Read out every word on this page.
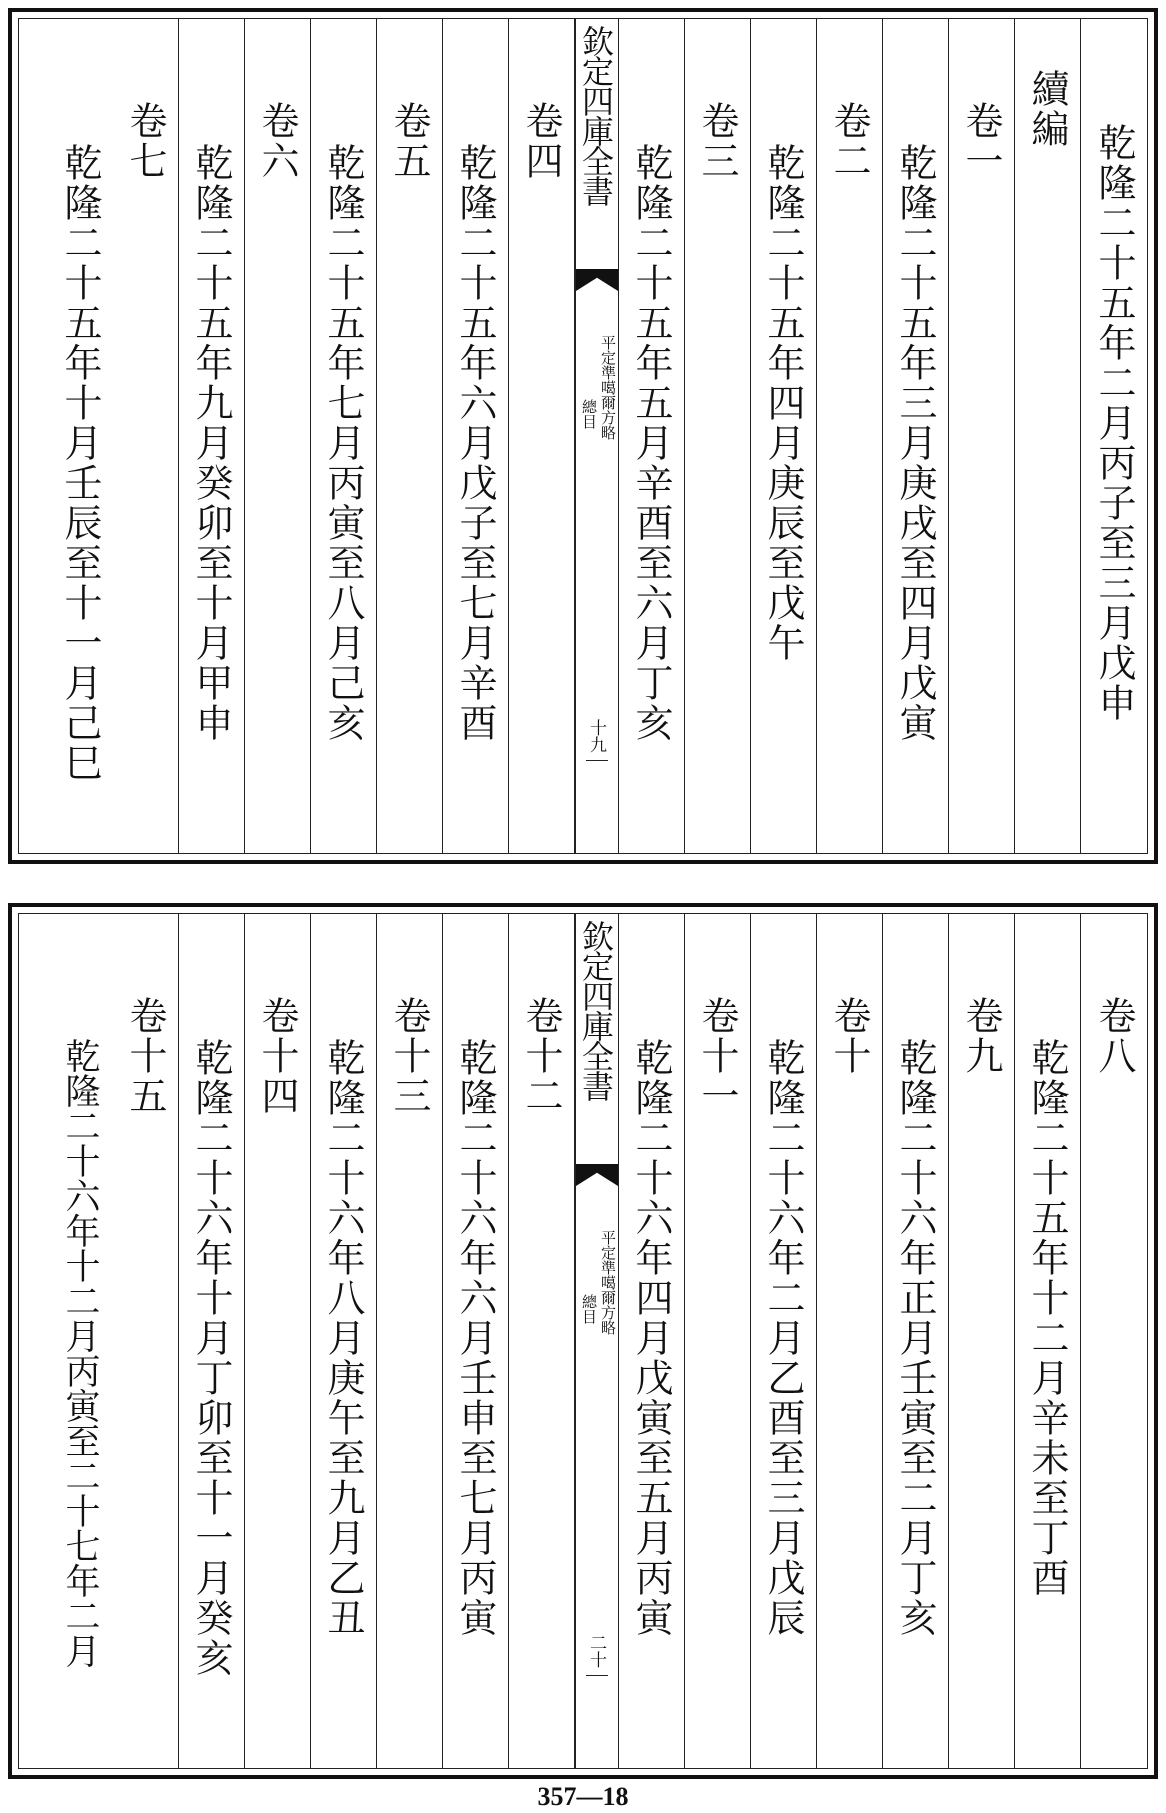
乾隆二十五年二月丙子至三月戊申
續編
卷一
乾隆二十五年三月庚戌至四月戊寅
卷二
乾隆二十五年四月庚辰至戊午
卷三
乾隆二十五年五月辛酉至六月丁亥
欽定四庫全書
平定準噶爾方略
總目
十九
卷四
乾隆二十五年六月戊子至七月辛酉
卷五
乾隆二十五年七月丙寅至八月己亥
卷六
乾隆二十五年九月癸卯至十月甲申
卷七
乾隆二十五年十月壬辰至十一月己巳
卷八
乾隆二十五年十二月辛未至丁酉
卷九
乾隆二十六年正月壬寅至二月丁亥
卷十
乾隆二十六年二月乙酉至三月戊辰
卷十一
乾隆二十六年四月戊寅至五月丙寅
欽定四庫全書
平定準噶爾方略
總目
二十
卷十二
乾隆二十六年六月壬申至七月丙寅
卷十三
乾隆二十六年八月庚午至九月乙丑
卷十四
乾隆二十六年十月丁卯至十一月癸亥
卷十五
乾隆二十六年十二月丙寅至二十七年二月
357—18
